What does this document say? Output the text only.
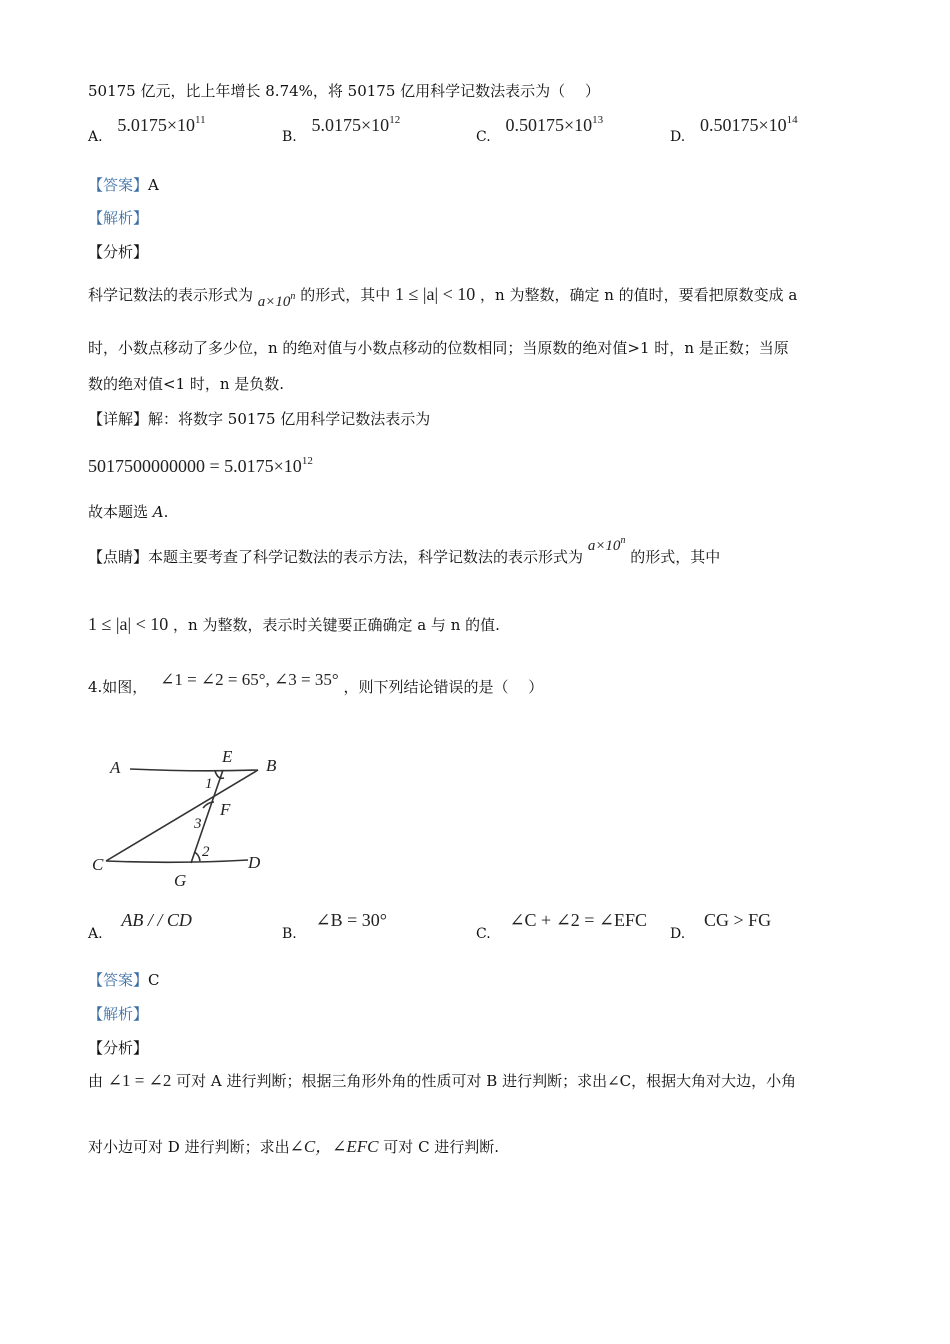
50175 亿元，比上年增长 8.74%，将 50175 亿用科学记数法表示为（　 ）
A. $5.0175\times 10^{11}$
B. $5.0175\times 10^{12}$
C. $0.50175\times 10^{13}$
D. $0.50175\times 10^{14}$
【答案】A
【解析】
【分析】
科学记数法的表示形式为 $a\times 10^n$ 的形式，其中 1 ≤ |a| < 10 ，n 为整数，确定 n 的值时，要看把原数变成 a
时，小数点移动了多少位，n 的绝对值与小数点移动的位数相同；当原数的绝对值>1 时，n 是正数；当原
数的绝对值<1 时，n 是负数.
【详解】解：将数字 50175 亿用科学记数法表示为
$5017500000000 = 5.0175\times 10^{12}$
故本题选 A.
【点睛】本题主要考查了科学记数法的表示方法，科学记数法的表示形式为 $a\times 10^n$ 的形式，其中
1 ≤ |a| < 10 ，n 为整数，表示时关键要正确确定 a 与 n 的值.
4.如图， ∠1 = ∠2 = 65°, ∠3 = 35° ，则下列结论错误的是（　 ）
A
E B
F
C
G
D
1
3
2
A. AB / / CD
B. ∠B = 30°
C. ∠C + ∠2 = ∠EFC
D. CG > FG
【答案】C
【解析】
【分析】
由 ∠1 = ∠2 可对 A 进行判断；根据三角形外角的性质可对 B 进行判断；求出∠C，根据大角对大边，小角
对小边可对 D 进行判断；求出∠C，∠EFC 可对 C 进行判断.
